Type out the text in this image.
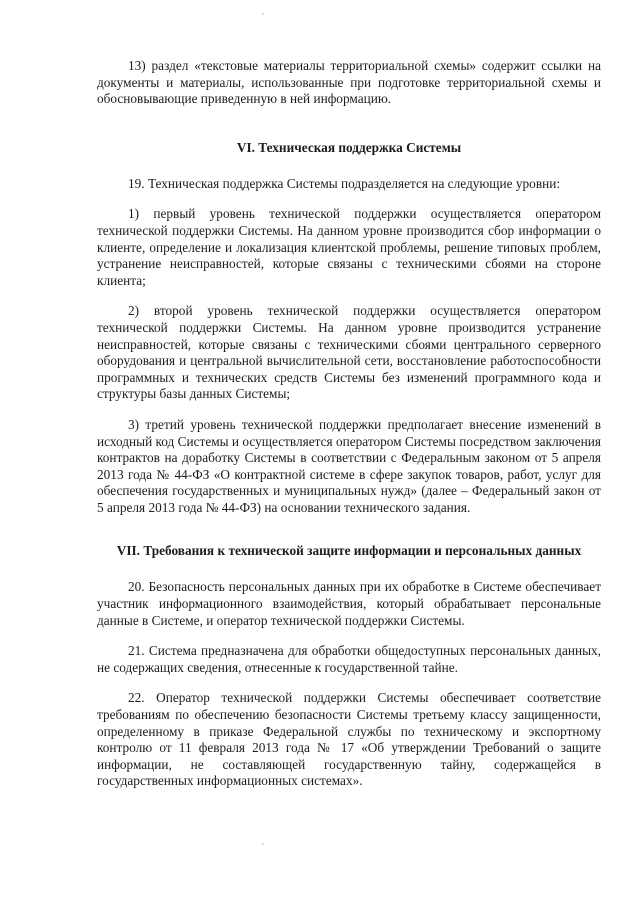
13) раздел «текстовые материалы территориальной схемы» содержит ссылки на документы и материалы, использованные при подготовке территориальной схемы и обосновывающие приведенную в ней информацию.

VI. Техническая поддержка Системы

19. Техническая поддержка Системы подразделяется на следующие уровни:

1) первый уровень технической поддержки осуществляется оператором технической поддержки Системы. На данном уровне производится сбор информации о клиенте, определение и локализация клиентской проблемы, решение типовых проблем, устранение неисправностей, которые связаны с техническими сбоями на стороне клиента;

2) второй уровень технической поддержки осуществляется оператором технической поддержки Системы. На данном уровне производится устранение неисправностей, которые связаны с техническими сбоями центрального серверного оборудования и центральной вычислительной сети, восстановление работоспособности программных и технических средств Системы без изменений программного кода и структуры базы данных Системы;

3) третий уровень технической поддержки предполагает внесение изменений в исходный код Системы и осуществляется оператором Системы посредством заключения контрактов на доработку Системы в соответствии с Федеральным законом от 5 апреля 2013 года № 44-ФЗ «О контрактной системе в сфере закупок товаров, работ, услуг для обеспечения государственных и муниципальных нужд» (далее – Федеральный закон от 5 апреля 2013 года № 44-ФЗ) на основании технического задания.

VII. Требования к технической защите информации и персональных данных

20. Безопасность персональных данных при их обработке в Системе обеспечивает участник информационного взаимодействия, который обрабатывает персональные данные в Системе, и оператор технической поддержки Системы.

21. Система предназначена для обработки общедоступных персональных данных, не содержащих сведения, отнесенные к государственной тайне.

22. Оператор технической поддержки Системы обеспечивает соответствие требованиям по обеспечению безопасности Системы третьему классу защищенности, определенному в приказе Федеральной службы по техническому и экспортному контролю от 11 февраля 2013 года № 17 «Об утверждении Требований о защите информации, не составляющей государственную тайну, содержащейся в государственных информационных системах».
